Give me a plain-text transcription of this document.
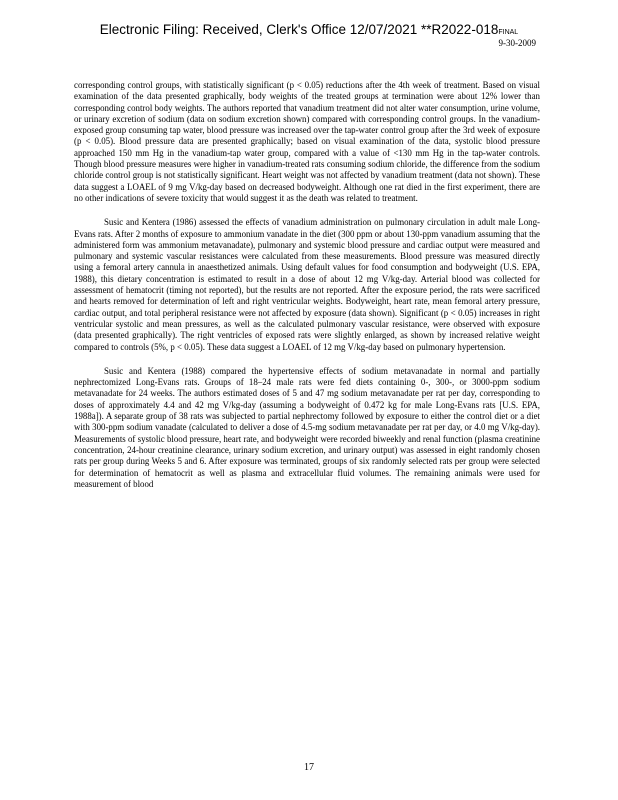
Electronic Filing: Received, Clerk's Office 12/07/2021 **R2022-018FINAL
9-30-2009

corresponding control groups, with statistically significant (p < 0.05) reductions after the 4th week of treatment. Based on visual examination of the data presented graphically, body weights of the treated groups at termination were about 12% lower than corresponding control body weights. The authors reported that vanadium treatment did not alter water consumption, urine volume, or urinary excretion of sodium (data on sodium excretion shown) compared with corresponding control groups. In the vanadium-exposed group consuming tap water, blood pressure was increased over the tap-water control group after the 3rd week of exposure (p < 0.05). Blood pressure data are presented graphically; based on visual examination of the data, systolic blood pressure approached 150 mm Hg in the vanadium-tap water group, compared with a value of <130 mm Hg in the tap-water controls. Though blood pressure measures were higher in vanadium-treated rats consuming sodium chloride, the difference from the sodium chloride control group is not statistically significant. Heart weight was not affected by vanadium treatment (data not shown). These data suggest a LOAEL of 9 mg V/kg-day based on decreased bodyweight. Although one rat died in the first experiment, there are no other indications of severe toxicity that would suggest it as the death was related to treatment.

Susic and Kentera (1986) assessed the effects of vanadium administration on pulmonary circulation in adult male Long-Evans rats. After 2 months of exposure to ammonium vanadate in the diet (300 ppm or about 130-ppm vanadium assuming that the administered form was ammonium metavanadate), pulmonary and systemic blood pressure and cardiac output were measured and pulmonary and systemic vascular resistances were calculated from these measurements. Blood pressure was measured directly using a femoral artery cannula in anaesthetized animals. Using default values for food consumption and bodyweight (U.S. EPA, 1988), this dietary concentration is estimated to result in a dose of about 12 mg V/kg-day. Arterial blood was collected for assessment of hematocrit (timing not reported), but the results are not reported. After the exposure period, the rats were sacrificed and hearts removed for determination of left and right ventricular weights. Bodyweight, heart rate, mean femoral artery pressure, cardiac output, and total peripheral resistance were not affected by exposure (data shown). Significant (p < 0.05) increases in right ventricular systolic and mean pressures, as well as the calculated pulmonary vascular resistance, were observed with exposure (data presented graphically). The right ventricles of exposed rats were slightly enlarged, as shown by increased relative weight compared to controls (5%, p < 0.05). These data suggest a LOAEL of 12 mg V/kg-day based on pulmonary hypertension.

Susic and Kentera (1988) compared the hypertensive effects of sodium metavanadate in normal and partially nephrectomized Long-Evans rats. Groups of 18–24 male rats were fed diets containing 0-, 300-, or 3000-ppm sodium metavanadate for 24 weeks. The authors estimated doses of 5 and 47 mg sodium metavanadate per rat per day, corresponding to doses of approximately 4.4 and 42 mg V/kg-day (assuming a bodyweight of 0.472 kg for male Long-Evans rats [U.S. EPA, 1988a]). A separate group of 38 rats was subjected to partial nephrectomy followed by exposure to either the control diet or a diet with 300-ppm sodium vanadate (calculated to deliver a dose of 4.5-mg sodium metavanadate per rat per day, or 4.0 mg V/kg-day). Measurements of systolic blood pressure, heart rate, and bodyweight were recorded biweekly and renal function (plasma creatinine concentration, 24-hour creatinine clearance, urinary sodium excretion, and urinary output) was assessed in eight randomly chosen rats per group during Weeks 5 and 6. After exposure was terminated, groups of six randomly selected rats per group were selected for determination of hematocrit as well as plasma and extracellular fluid volumes. The remaining animals were used for measurement of blood

17
